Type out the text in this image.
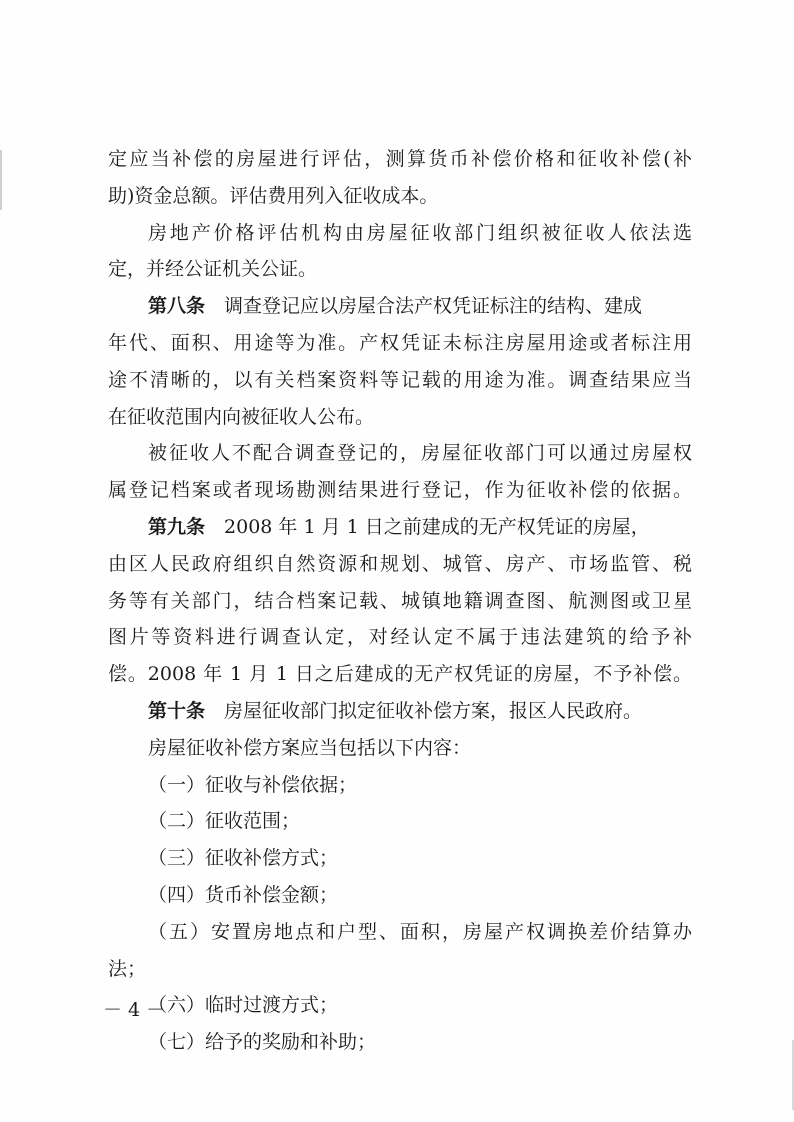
定应当补偿的房屋进行评估，测算货币补偿价格和征收补偿(补
助)资金总额。评估费用列入征收成本。
房地产价格评估机构由房屋征收部门组织被征收人依法选
定，并经公证机关公证。
第八条　 调查登记应以房屋合法产权凭证标注的结构、建成
年代、面积、用途等为准。产权凭证未标注房屋用途或者标注用
途不清晰的，以有关档案资料等记载的用途为准。调查结果应当
在征收范围内向被征收人公布。
被征收人不配合调查登记的，房屋征收部门可以通过房屋权
属登记档案或者现场勘测结果进行登记，作为征收补偿的依据。
第九条　 2008 年 1 月 1 日之前建成的无产权凭证的房屋，
由区人民政府组织自然资源和规划、城管、房产、市场监管、税
务等有关部门，结合档案记载、城镇地籍调查图、航测图或卫星
图片等资料进行调查认定，对经认定不属于违法建筑的给予补
偿。2008 年 1 月 1 日之后建成的无产权凭证的房屋，不予补偿。
第十条　 房屋征收部门拟定征收补偿方案，报区人民政府。
房屋征收补偿方案应当包括以下内容：
（一）征收与补偿依据；
（二）征收范围；
（三）征收补偿方式；
（四）货币补偿金额；
（五）安置房地点和户型、面积，房屋产权调换差价结算办
法；
（六）临时过渡方式；
（七）给予的奖励和补助；
－ 4 －
